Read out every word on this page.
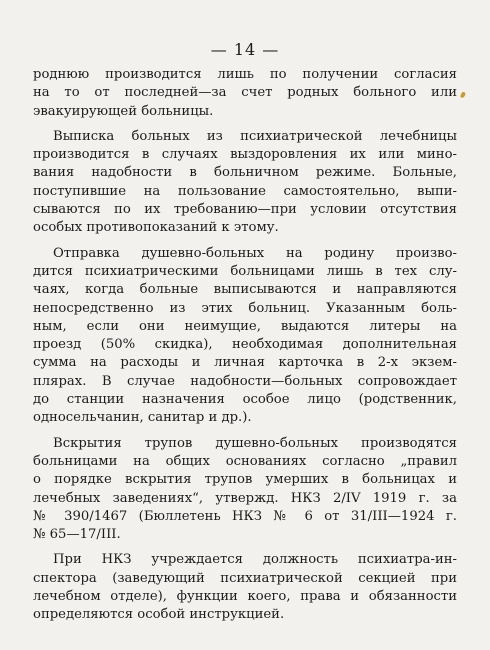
— 14 —
роднюю производится лишь по получении согласия
на то от последней—за счет родных больного или
эвакуирующей больницы.
Выписка больных из психиатрической лечебницы
производится в случаях выздоровления их или мино-
вания надобности в больничном режиме. Больные,
поступившие на пользование самостоятельно, выпи-
сываются по их требованию—при условии отсутствия
особых противопоказаний к этому.
Отправка душевно-больных на родину произво-
дится психиатрическими больницами лишь в тех слу-
чаях, когда больные выписываются и направляются
непосредственно из этих больниц. Указанным боль-
ным, если они неимущие, выдаются литеры на
проезд (50% скидка), необходимая дополнительная
сумма на расходы и личная карточка в 2-х экзем-
плярах. В случае надобности—больных сопровождает
до станции назначения особое лицо (родственник,
односельчанин, санитар и др.).
Вскрытия трупов душевно-больных производятся
больницами на общих основаниях согласно „правил
о порядке вскрытия трупов умерших в больницах и
лечебных заведениях“, утвержд. НКЗ 2/IV 1919 г. за
№ 390/1467 (Бюллетень НКЗ № 6 от 31/III—1924 г.
№ 65—17/III.
При НКЗ учреждается должность психиатра-ин-
спектора (заведующий психиатрической секцией при
лечебном отделе), функции коего, права и обязанности
определяются особой инструкцией.
